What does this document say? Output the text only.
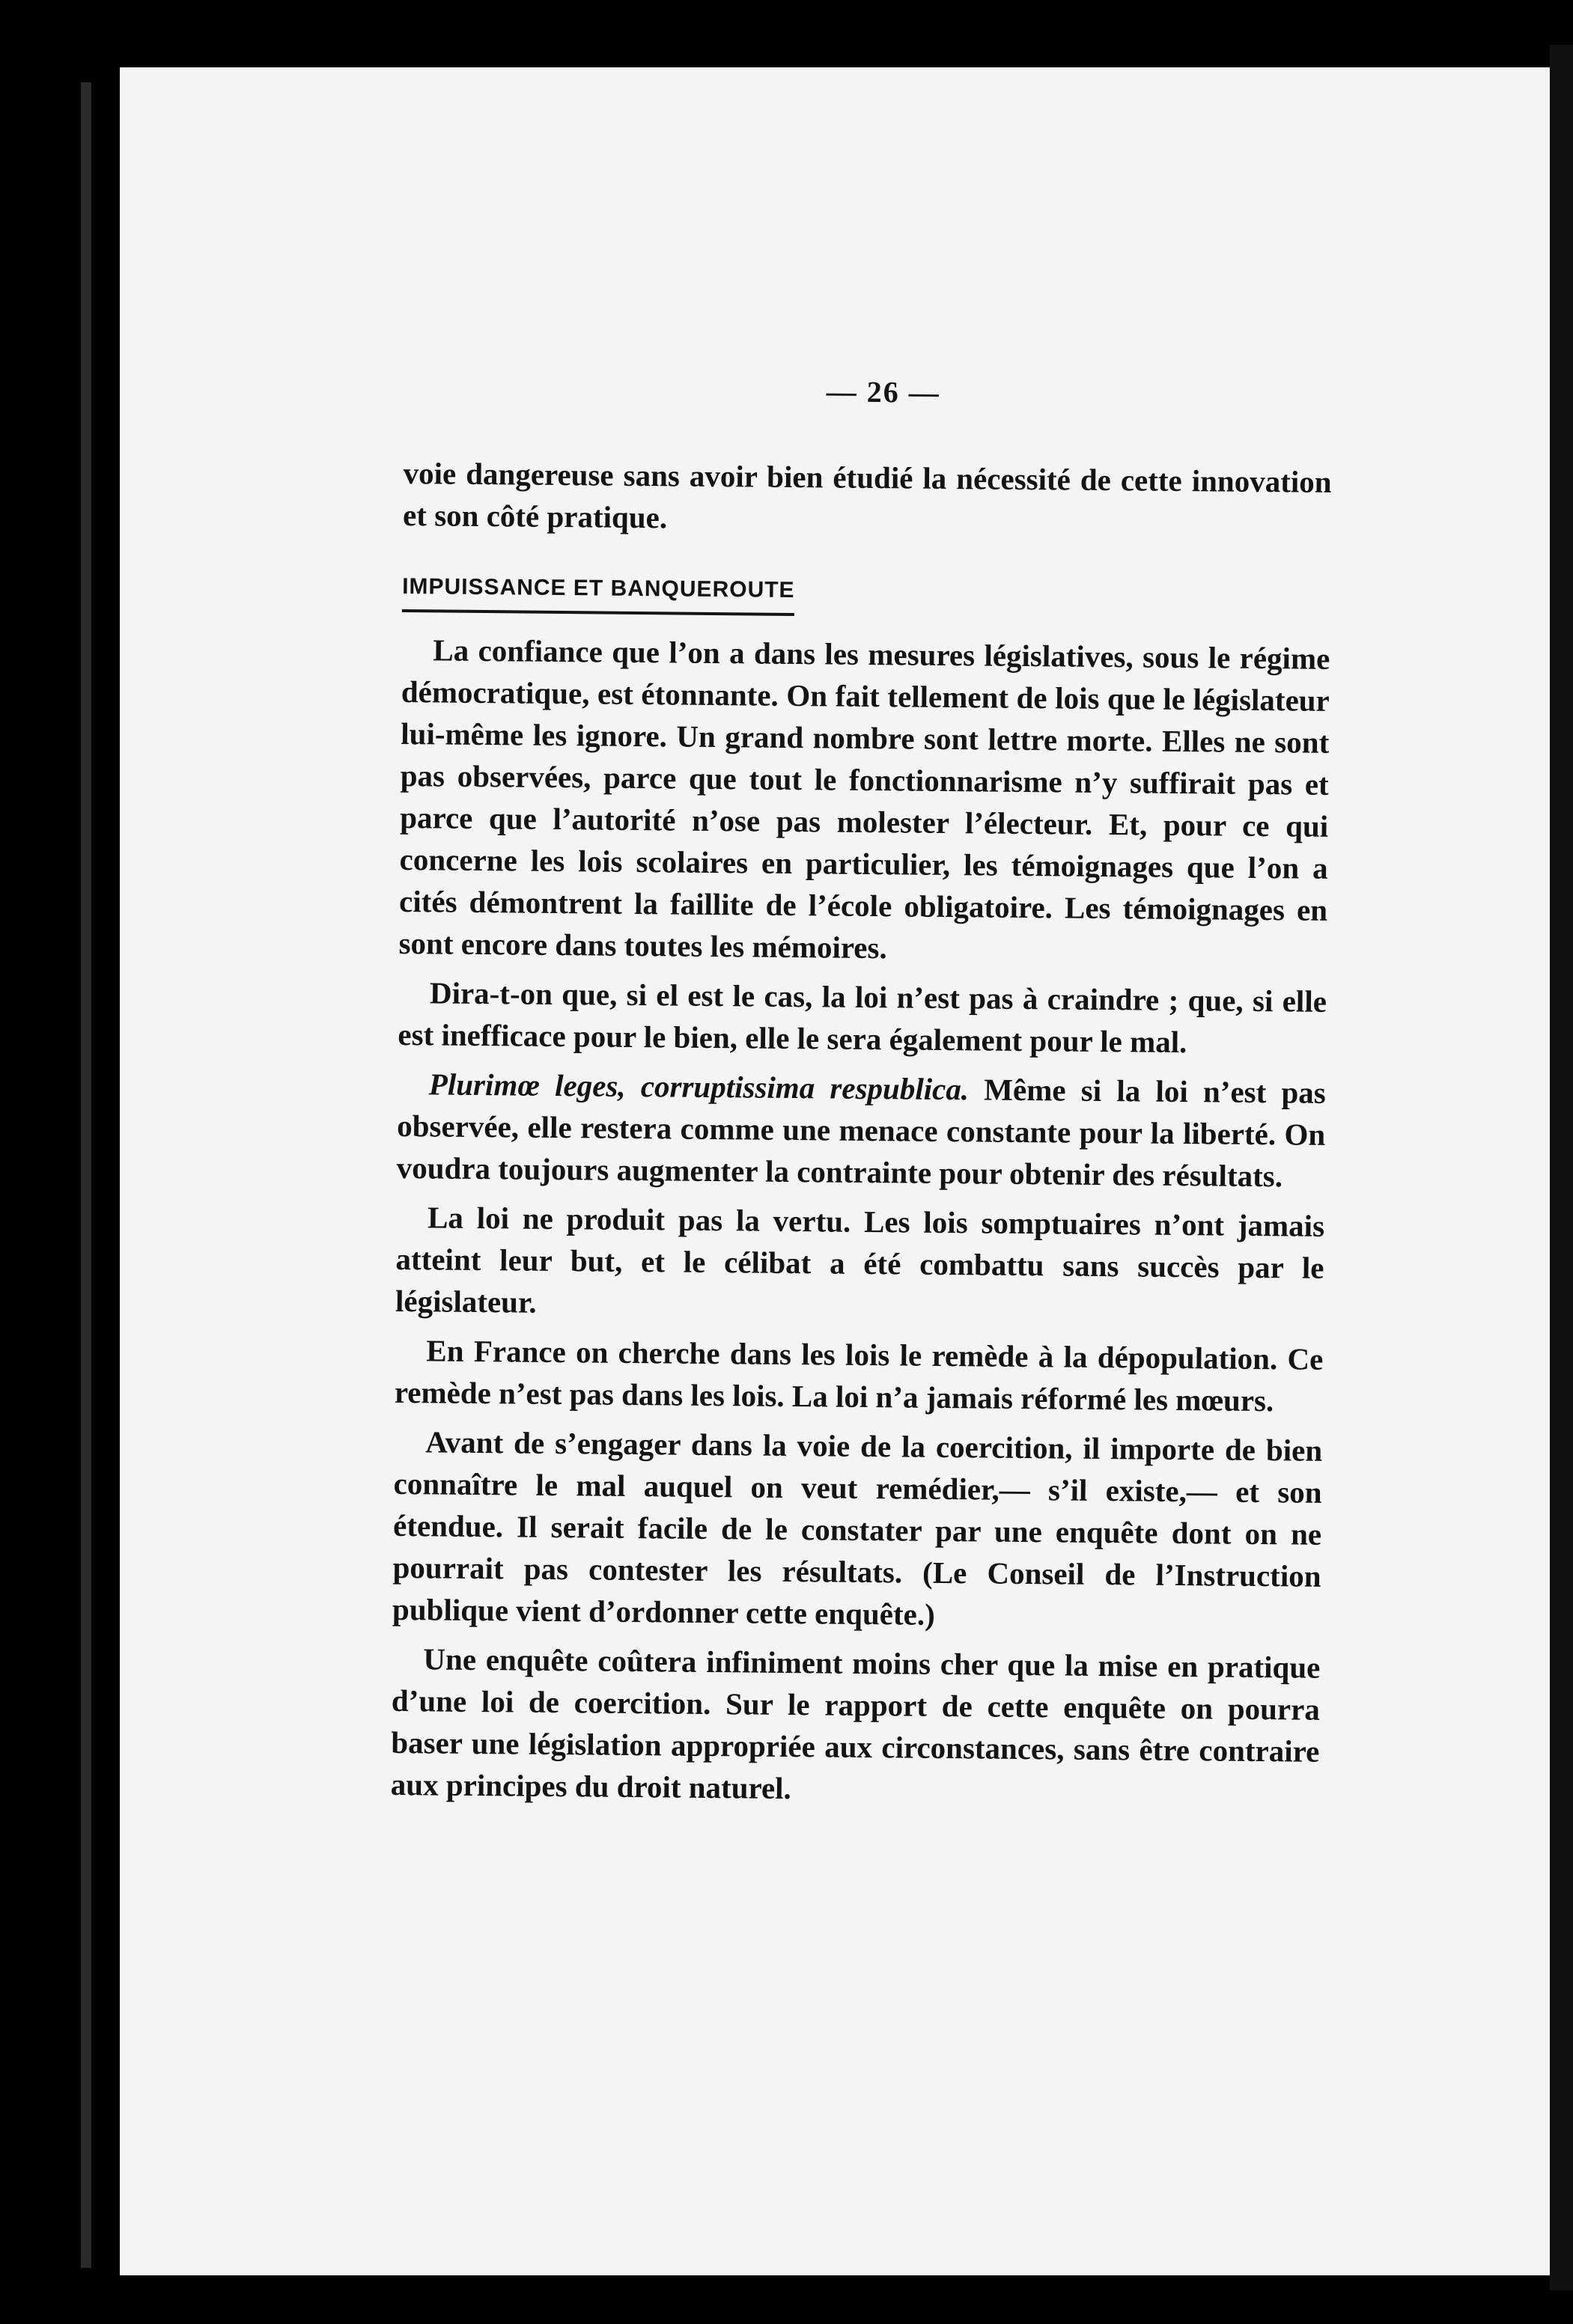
— 26 —

voie dangereuse sans avoir bien étudié la nécessité de cette innovation et son côté pratique.

IMPUISSANCE ET BANQUEROUTE

La confiance que l’on a dans les mesures législatives, sous le régime démocratique, est étonnante. On fait tellement de lois que le législateur lui-même les ignore. Un grand nombre sont lettre morte. Elles ne sont pas observées, parce que tout le fonctionnarisme n’y suffirait pas et parce que l’autorité n’ose pas molester l’électeur. Et, pour ce qui concerne les lois scolaires en particulier, les témoignages que l’on a cités démontrent la faillite de l’école obligatoire. Les témoignages en sont encore dans toutes les mémoires.

Dira-t-on que, si el est le cas, la loi n’est pas à craindre ; que, si elle est inefficace pour le bien, elle le sera également pour le mal.

Plurimœ leges, corruptissima respublica. Même si la loi n’est pas observée, elle restera comme une menace constante pour la liberté. On voudra toujours augmenter la contrainte pour obtenir des résultats.

La loi ne produit pas la vertu. Les lois somptuaires n’ont jamais atteint leur but, et le célibat a été combattu sans succès par le législateur.

En France on cherche dans les lois le remède à la dépopulation. Ce remède n’est pas dans les lois. La loi n’a jamais réformé les mœurs.

Avant de s’engager dans la voie de la coercition, il importe de bien connaître le mal auquel on veut remédier,— s’il existe,— et son étendue. Il serait facile de le constater par une enquête dont on ne pourrait pas contester les résultats. (Le Conseil de l’Instruction publique vient d’ordonner cette enquête.)

Une enquête coûtera infiniment moins cher que la mise en pratique d’une loi de coercition. Sur le rapport de cette enquête on pourra baser une législation appropriée aux circonstances, sans être contraire aux principes du droit naturel.
